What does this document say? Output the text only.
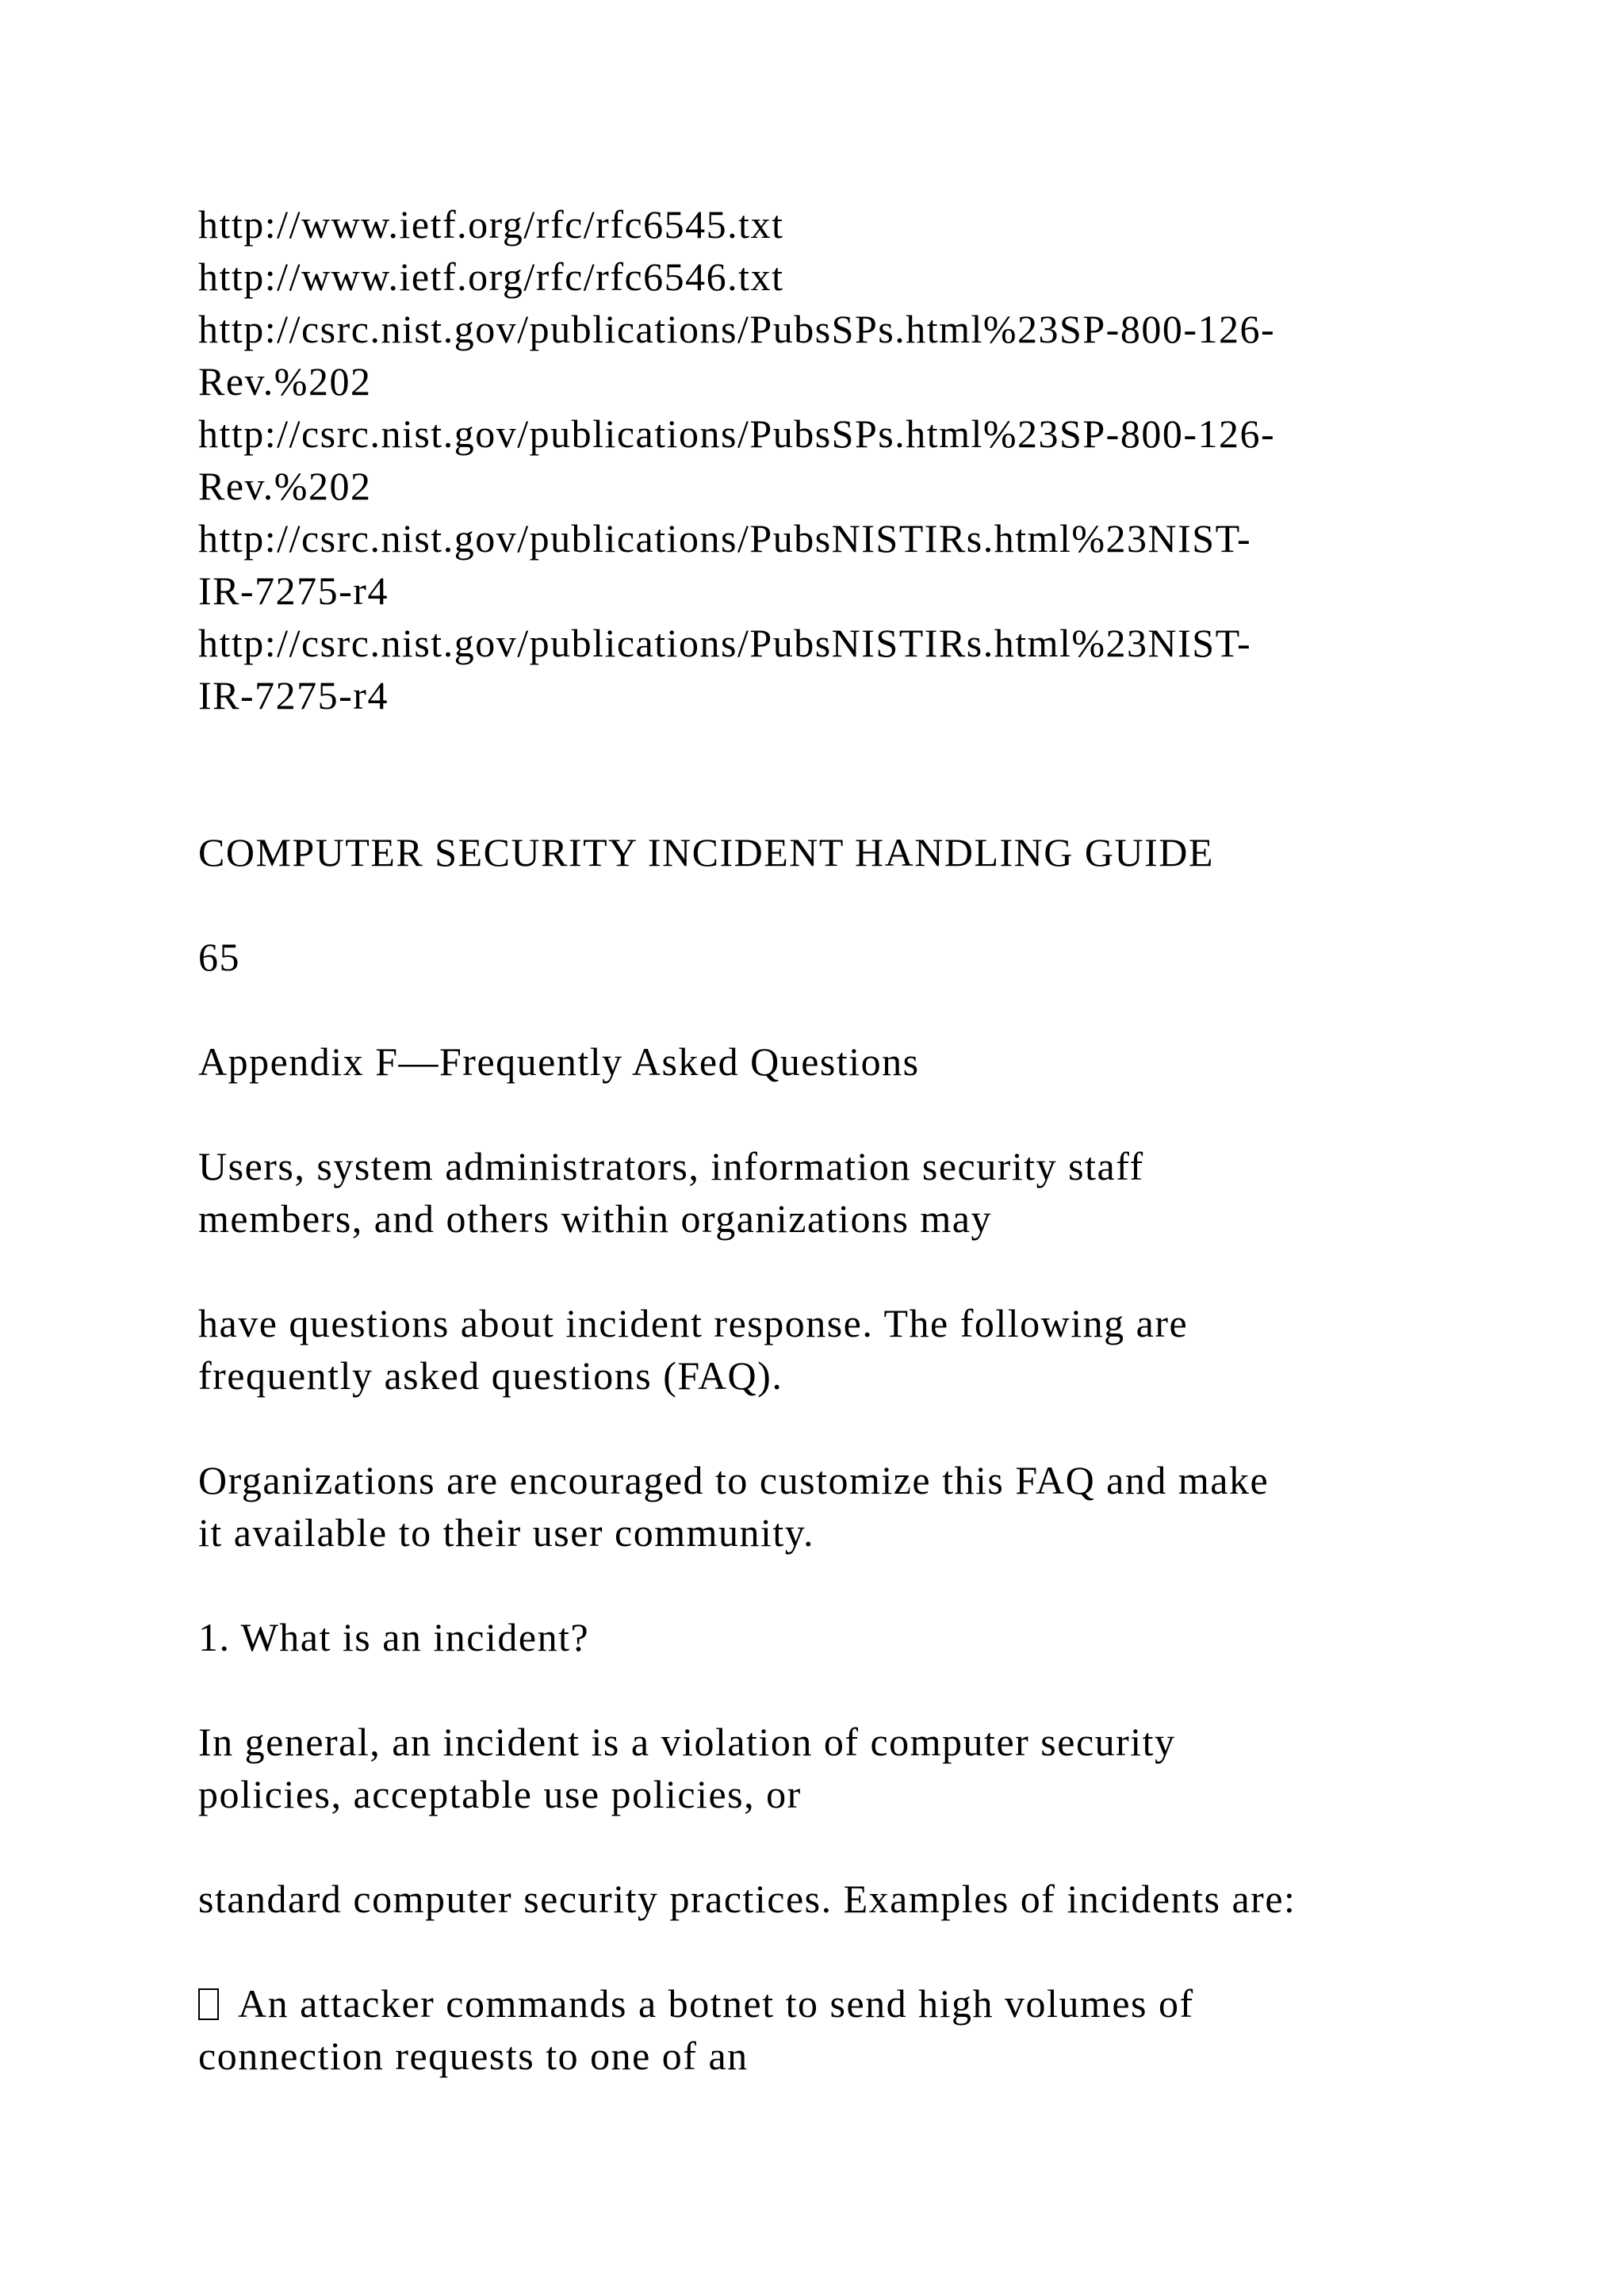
http://www.ietf.org/rfc/rfc6545.txt
http://www.ietf.org/rfc/rfc6546.txt
http://csrc.nist.gov/publications/PubsSPs.html%23SP-800-126-
Rev.%202
http://csrc.nist.gov/publications/PubsSPs.html%23SP-800-126-
Rev.%202
http://csrc.nist.gov/publications/PubsNISTIRs.html%23NIST-
IR-7275-r4
http://csrc.nist.gov/publications/PubsNISTIRs.html%23NIST-
IR-7275-r4
COMPUTER SECURITY INCIDENT HANDLING GUIDE
65
Appendix F—Frequently Asked Questions
Users, system administrators, information security staff
members, and others within organizations may
have questions about incident response. The following are
frequently asked questions (FAQ).
Organizations are encouraged to customize this FAQ and make
it available to their user community.
1. What is an incident?
In general, an incident is a violation of computer security
policies, acceptable use policies, or
standard computer security practices. Examples of incidents are:
An attacker commands a botnet to send high volumes of
connection requests to one of an
